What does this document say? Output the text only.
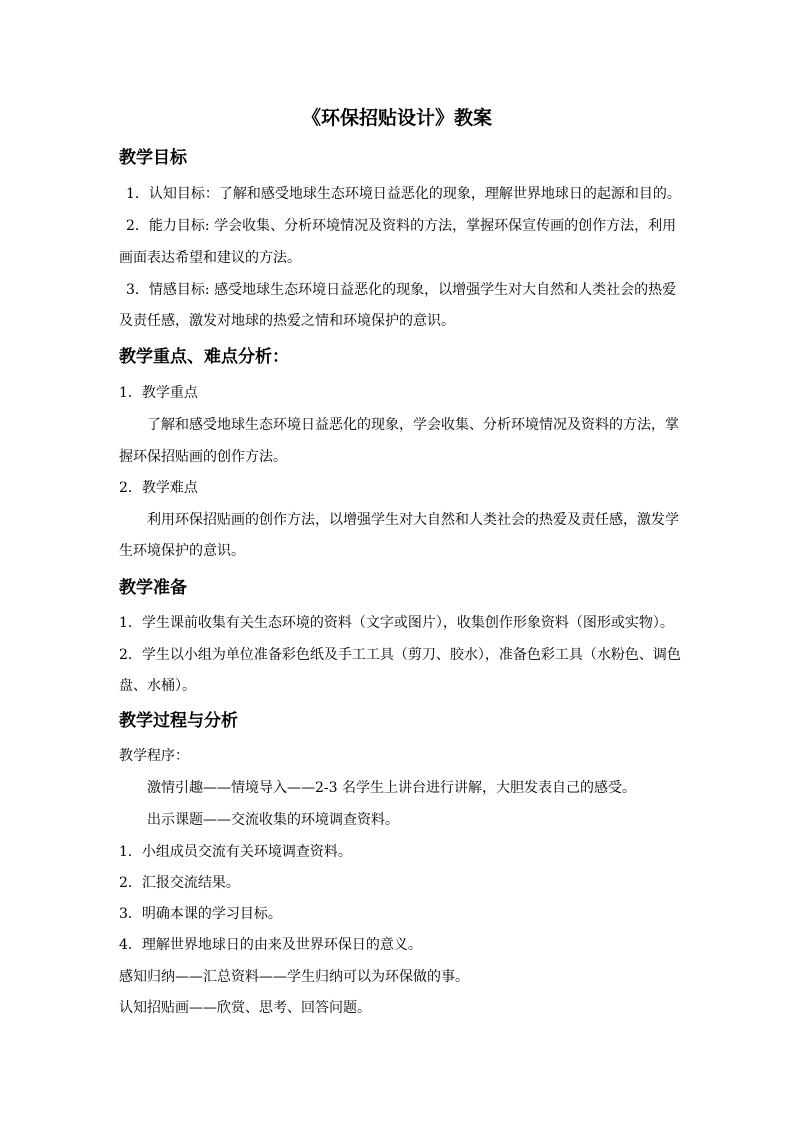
《环保招贴设计》教案
教学目标
1．认知目标：了解和感受地球生态环境日益恶化的现象，理解世界地球日的起源和目的。
2．能力目标: 学会收集、分析环境情况及资料的方法，掌握环保宣传画的创作方法，利用
画面表达希望和建议的方法。
3．情感目标: 感受地球生态环境日益恶化的现象，以增强学生对大自然和人类社会的热爱
及责任感，激发对地球的热爱之情和环境保护的意识。
教学重点、难点分析：
1．教学重点
了解和感受地球生态环境日益恶化的现象，学会收集、分析环境情况及资料的方法，掌
握环保招贴画的创作方法。
2．教学难点
利用环保招贴画的创作方法，以增强学生对大自然和人类社会的热爱及责任感，激发学
生环境保护的意识。
教学准备
1．学生课前收集有关生态环境的资料（文字或图片），收集创作形象资料（图形或实物）。
2．学生以小组为单位准备彩色纸及手工工具（剪刀、胶水），准备色彩工具（水粉色、调色
盘、水桶）。
教学过程与分析
教学程序：
激情引趣——情境导入——2-3 名学生上讲台进行讲解，大胆发表自己的感受。
出示课题——交流收集的环境调查资料。
1．小组成员交流有关环境调查资料。
2．汇报交流结果。
3．明确本课的学习目标。
4．理解世界地球日的由来及世界环保日的意义。
感知归纳——汇总资料——学生归纳可以为环保做的事。
认知招贴画——欣赏、思考、回答问题。
